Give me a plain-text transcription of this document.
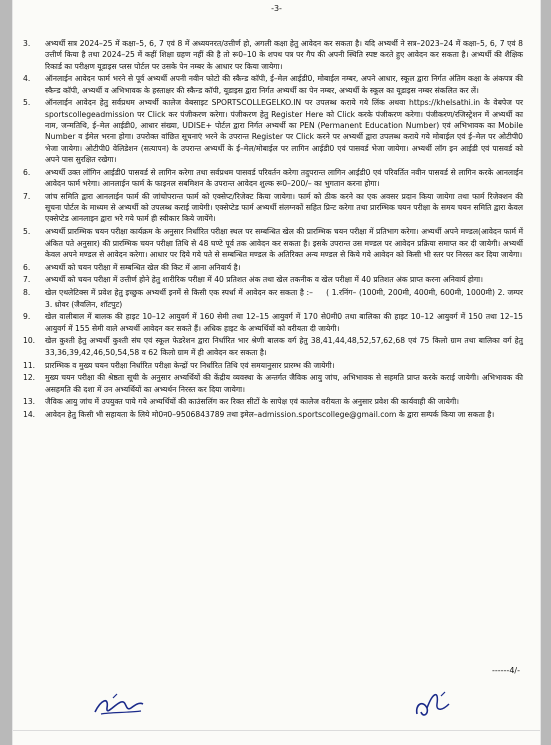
-3-
3.	अभ्यर्थी सत्र 2024–25 में कक्षा–5, 6, 7 एवं 8 में अध्ययनरत/उत्तीर्ण हो, अगली कक्षा हेतु आवेदन कर सकता है। यदि अभ्यर्थी ने सत्र–2023–24 में कक्षा–5, 6, 7 एवं 8 उत्तीर्ण किया है तथा 2024–25 में कहीं शिक्षा ग्रहण नहीं की है तो रू0–10 के शपथ पत्र पर गैप की अपनी स्थिति स्पष्ट करते हुए आवेदन कर सकता है। अभ्यर्थी की शैक्षिक रिकार्ड का परीक्षण यूडाइस प्लस पोर्टल पर उसके पेन नम्बर के आधार पर किया जायेगा।
4.	ऑनलाईन आवेदन फार्म भरने से पूर्व अभ्यर्थी अपनी नवीन फोटो की स्कैन्ड कॉपी, ई–मेल आईडी0, मोबाईल नम्बर, अपने आधार, स्कूल द्वारा निर्गत अंतिम कक्षा के अंकपत्र की स्कैन्ड कॉपी, अभ्यर्थी व अभिभावक के हस्ताक्षर की स्कैन्ड कॉपी, यूडाइस द्वारा निर्गत अभ्यर्थी का पेन नम्बर, अभ्यर्थी के स्कूल का यूडाइस नम्बर संकलित कर लें।
5.	ऑनलाईन आवेदन हेतु सर्वप्रथम अभ्यर्थी कालेज वेबसाइट SPORTSCOLLEGELKO.IN पर उपलब्ध कराये गये लिंक अथवा https://khelsathi.in के वेबपेज पर sportscollegeadmission पर Click कर पंजीकरण करेगा। पंजीकरण हेतु Register Here को Click करके पंजीकरण करेगा। पंजीकरण/रजिस्ट्रेशन में अभ्यर्थी का नाम, जन्मतिथि, ई–मेल आईडी0, आधार संख्या, UDISE+ पोर्टल द्वारा निर्गत अभ्यर्थी का PEN (Permanent Education Number) एवं अभिभावक का Mobile Number व ईमेल भरना होगा। उपरोक्त वांछित सूचनाएं भरने के उपरान्त Register पर Click करने पर अभ्यर्थी द्वारा उपलब्ध कराये गये मोबाईल एवं ई–मेल पर ओटीपी0 भेजा जायेगा। ओटीपी0 वेलिडेशन (सत्यापन) के उपरान्त अभ्यर्थी के ई–मेल/मोबाईल पर लागिन आईडी0 एवं पासवर्ड भेजा जायेगा। अभ्यर्थी लॉग इन आईडी एवं पासवर्ड को अपने पास सुरक्षित रखेगा।
6.	अभ्यर्थी उक्त लॉगिन आईडी0 पासवर्ड से लागिन करेगा तथा सर्वप्रथम पासवर्ड परिवर्तन करेगा तदुपरान्त लागिन आईडी0 एवं परिवर्तित नवीन पासवर्ड से लागिन करके आनलाईन आवेदन फार्म भरेगा। आनलाईन फार्म के फाइनल सबमिशन के उपरान्त आवेदन शुल्क रू0–200/– का भुगतान करना होगा।
7.	जांच समिति द्वारा आनलाईन फार्म की जांचोपरान्त फार्म को एक्सेप्ट/रिजेक्ट किया जायेगा। फार्म को ठीक करने का एक अवसर प्रदान किया जायेगा तथा फार्म रिजेक्शन की सूचना पोर्टल के माध्यम से अभ्यर्थी को उपलब्ध कराई जायेगी। एक्सेप्टेड फार्म अभ्यर्थी संलग्नकों सहित प्रिन्ट करेगा तथा प्रारम्भिक चयन परीक्षा के समय चयन समिति द्वारा केवल एक्सेप्टेड आनलाइन द्वारा भरे गये फार्म ही स्वीकार किये जायेंगे।
5.	अभ्यर्थी प्रारम्भिक चयन परीक्षा कार्यक्रम के अनुसार निर्धारित परीक्षा स्थल पर सम्बन्धित खेल की प्रारम्भिक चयन परीक्षा में प्रतिभाग करेगा। अभ्यर्थी अपने मण्डल(आवेदन फार्म में अंकित पते अनुसार) की प्रारम्भिक चयन परीक्षा तिथि से 48 घण्टे पूर्व तक आवेदन कर सकता है। इसके उपरान्त उस मण्डल पर आवेदन प्रक्रिया समाप्त कर दी जायेगी। अभ्यर्थी केवल अपने मण्डल से आवेदन करेगा। आधार पर दिये गये पते से सम्बन्धित मण्डल के अतिरिक्त अन्य मण्डल से किये गये आवेदन को किसी भी स्तर पर निरस्त कर दिया जायेगा।
6.	अभ्यर्थी को चयन परीक्षा में सम्बन्धित खेल की किट में आना अनिवार्य है।
7.	अभ्यर्थी को चयन परीक्षा में उत्तीर्ण होने हेतु शारीरिक परीक्षा में 40 प्रतिशत अंक तथा खेल तकनीक व खेल परीक्षा में 40 प्रतिशत अंक प्राप्त करना अनिवार्य होगा।
8.	खेल एथलेटिक्स में प्रवेश हेतु इच्छुक अभ्यर्थी इनमें से किसी एक स्पर्धा में आवेदन कर सकता है :–     ( 1.रनिंग– (100मी, 200मी, 400मी, 600मी, 1000मी) 2. जम्पर 3. थ्रोवर (जैवलिन, शॉटपुट)
9.	खेल वालीबाल में बालक की हाइट 10–12 आयुवर्ग में 160 सेमी तथा 12–15 आयुवर्ग में 170 से0मी0 तथा बालिका की हाइट 10–12 आयुवर्ग में 150 तथा 12–15 आयुवर्ग में 155 सेमी वाले अभ्यर्थी आवेदन कर सकते हैं। अधिक हाइट के अभ्यर्थियों को वरीयता दी जायेगी।
10.	खेल कुश्ती हेतु अभ्यर्थी कुश्ती संघ एवं स्कूल फेडरेशन द्वारा निर्धारित भार श्रेणी बालक वर्ग हेतु 38,41,44,48,52,57,62,68 एवं 75 किलो ग्राम तथा बालिका वर्ग हेतु 33,36,39,42,46,50,54,58 व 62 किलो ग्राम में ही आवेदन कर सकता है।
11.	प्रारम्भिक व मुख्य चयन परीक्षा निर्धारित परीक्षा केन्द्रों पर निर्धारित तिथि एवं समयानुसार प्रारम्भ की जायेगी।
12.	मुख्य चयन परीक्षा की श्रेष्ठता सूची के अनुसार अभ्यर्थियों की केंद्रीय व्यवस्था के अन्तर्गत जैविक आयु जांच, अभिभावक से सहमति प्राप्त करके कराई जायेगी। अभिभावक की असहमति की दशा में उन अभ्यर्थियों का अभ्यर्थन निरस्त कर दिया जायेगा।
13.	जैविक आयु जांच में उपयुक्त पाये गये अभ्यर्थियों की काउंसलिंग कर रिक्त सीटों के सापेक्ष एवं कालेज वरीयता के अनुसार प्रवेश की कार्यवाही की जायेगी।
14.	आवेदन हेतु किसी भी सहायता के लिये मो0न0–9506843789 तथा इमेल–admission.sportscollege@gmail.com के द्वारा सम्पर्क किया जा सकता है।
------4/-
